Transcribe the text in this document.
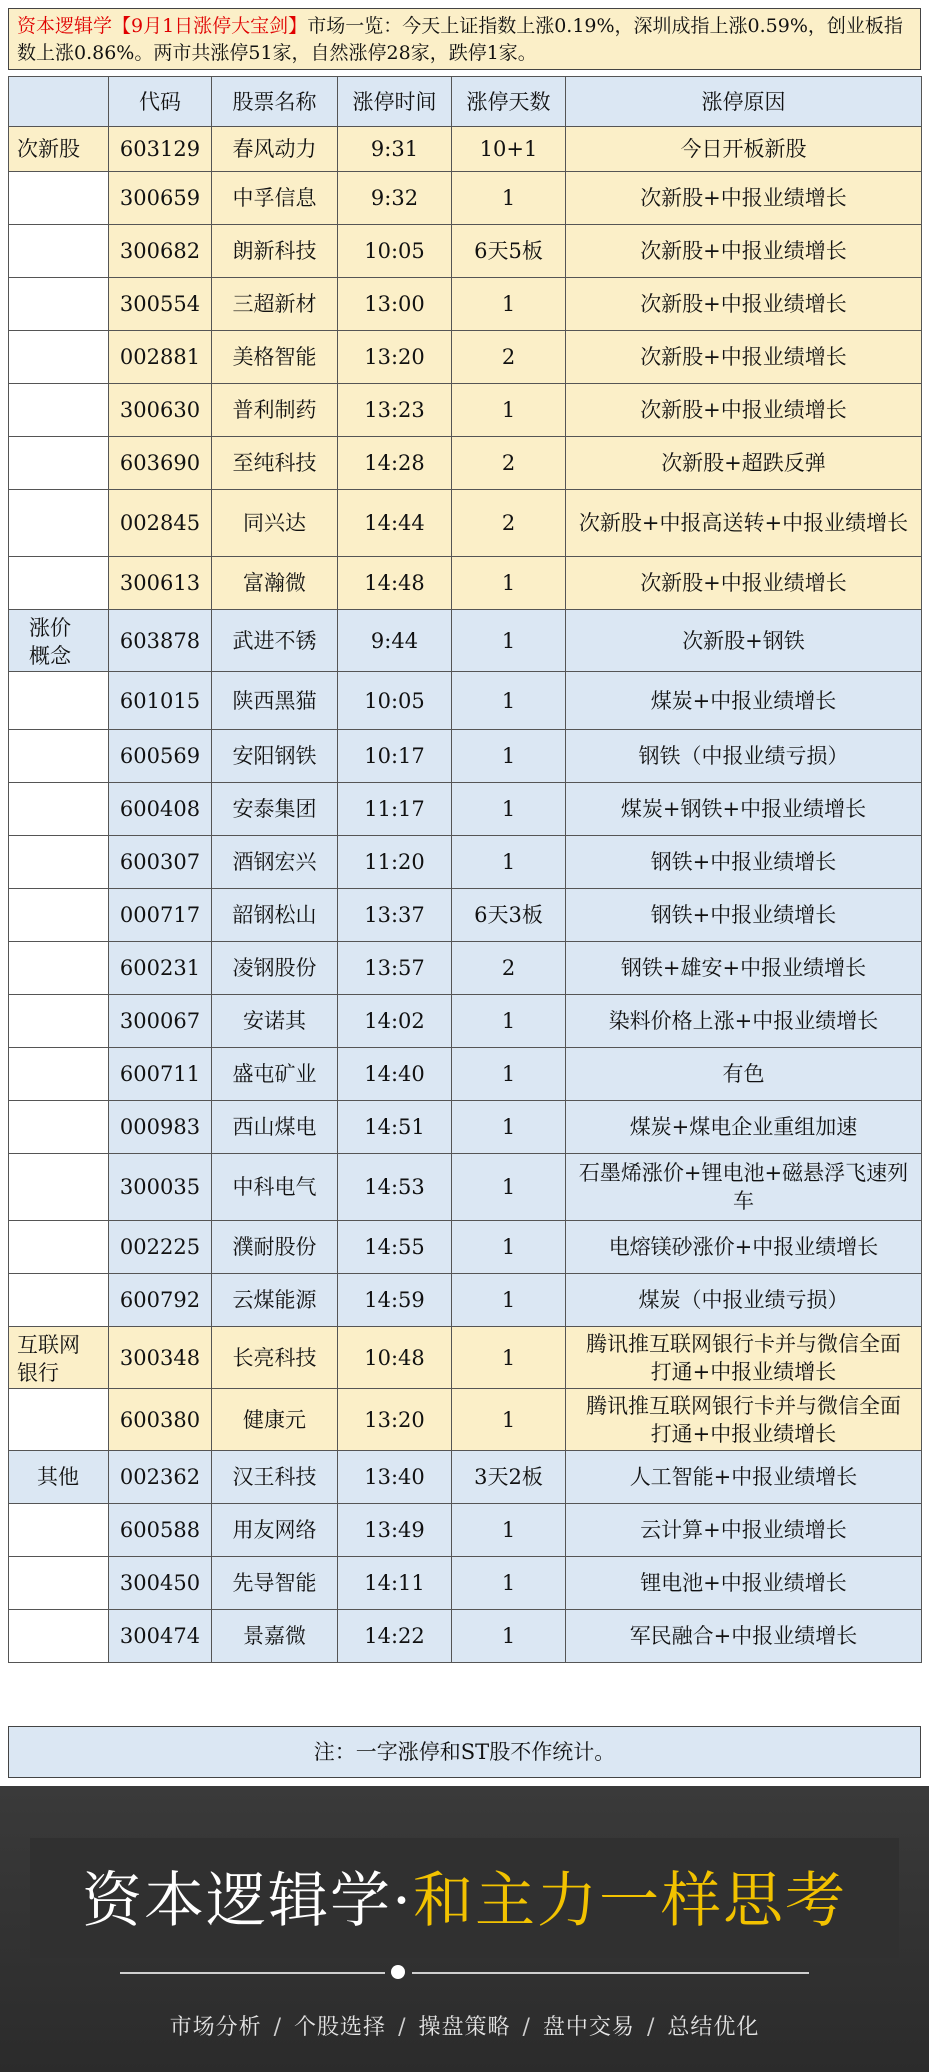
资本逻辑学【9月1日涨停大宝剑】市场一览：今天上证指数上涨0.19%，深圳成指上涨0.59%，创业板指数上涨0.86%。两市共涨停51家，自然涨停28家，跌停1家。
	代码	股票名称	涨停时间	涨停天数	涨停原因
次新股	603129	春风动力	9:31	10+1	今日开板新股
	300659	中孚信息	9:32	1	次新股+中报业绩增长
	300682	朗新科技	10:05	6天5板	次新股+中报业绩增长
	300554	三超新材	13:00	1	次新股+中报业绩增长
	002881	美格智能	13:20	2	次新股+中报业绩增长
	300630	普利制药	13:23	1	次新股+中报业绩增长
	603690	至纯科技	14:28	2	次新股+超跌反弹
	002845	同兴达	14:44	2	次新股+中报高送转+中报业绩增长
	300613	富瀚微	14:48	1	次新股+中报业绩增长
涨价概念	603878	武进不锈	9:44	1	次新股+钢铁
	601015	陕西黑猫	10:05	1	煤炭+中报业绩增长
	600569	安阳钢铁	10:17	1	钢铁（中报业绩亏损）
	600408	安泰集团	11:17	1	煤炭+钢铁+中报业绩增长
	600307	酒钢宏兴	11:20	1	钢铁+中报业绩增长
	000717	韶钢松山	13:37	6天3板	钢铁+中报业绩增长
	600231	凌钢股份	13:57	2	钢铁+雄安+中报业绩增长
	300067	安诺其	14:02	1	染料价格上涨+中报业绩增长
	600711	盛屯矿业	14:40	1	有色
	000983	西山煤电	14:51	1	煤炭+煤电企业重组加速
	300035	中科电气	14:53	1	石墨烯涨价+锂电池+磁悬浮飞速列车
	002225	濮耐股份	14:55	1	电熔镁砂涨价+中报业绩增长
	600792	云煤能源	14:59	1	煤炭（中报业绩亏损）
互联网银行	300348	长亮科技	10:48	1	腾讯推互联网银行卡并与微信全面打通+中报业绩增长
	600380	健康元	13:20	1	腾讯推互联网银行卡并与微信全面打通+中报业绩增长
其他	002362	汉王科技	13:40	3天2板	人工智能+中报业绩增长
	600588	用友网络	13:49	1	云计算+中报业绩增长
	300450	先导智能	14:11	1	锂电池+中报业绩增长
	300474	景嘉微	14:22	1	军民融合+中报业绩增长
注：一字涨停和ST股不作统计。
资本逻辑学·和主力一样思考
市场分析 / 个股选择 / 操盘策略 / 盘中交易 / 总结优化
